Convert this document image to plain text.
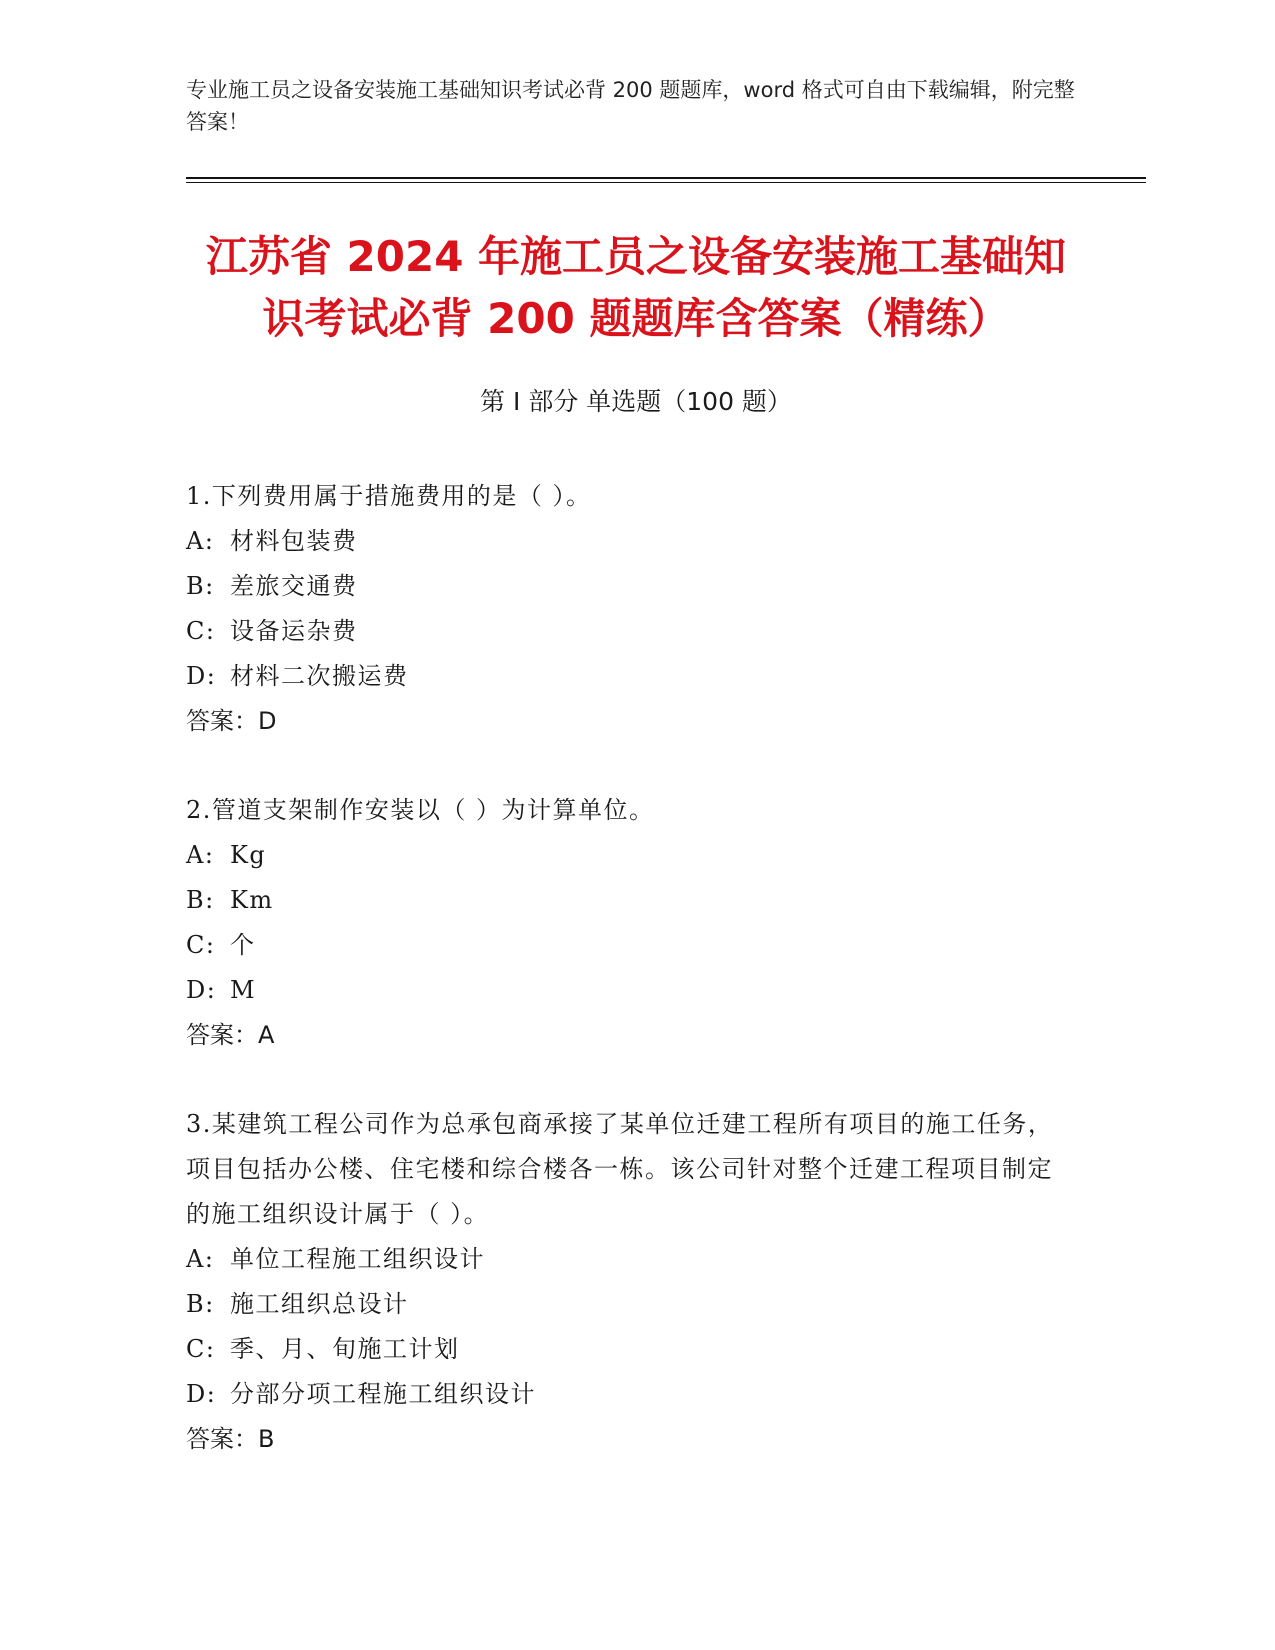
专业施工员之设备安装施工基础知识考试必背 200 题题库，word 格式可自由下载编辑，附完整答案！
江苏省 2024 年施工员之设备安装施工基础知识考试必背 200 题题库含答案（精练）
第 I 部分 单选题（100 题）
1.下列费用属于措施费用的是（ ）。
A: 材料包装费
B: 差旅交通费
C: 设备运杂费
D: 材料二次搬运费
答案：D
2.管道支架制作安装以（ ）为计算单位。
A: Kg
B: Km
C: 个
D: M
答案：A
3.某建筑工程公司作为总承包商承接了某单位迁建工程所有项目的施工任务，项目包括办公楼、住宅楼和综合楼各一栋。该公司针对整个迁建工程项目制定的施工组织设计属于（ ）。
A: 单位工程施工组织设计
B: 施工组织总设计
C: 季、月、旬施工计划
D: 分部分项工程施工组织设计
答案：B
